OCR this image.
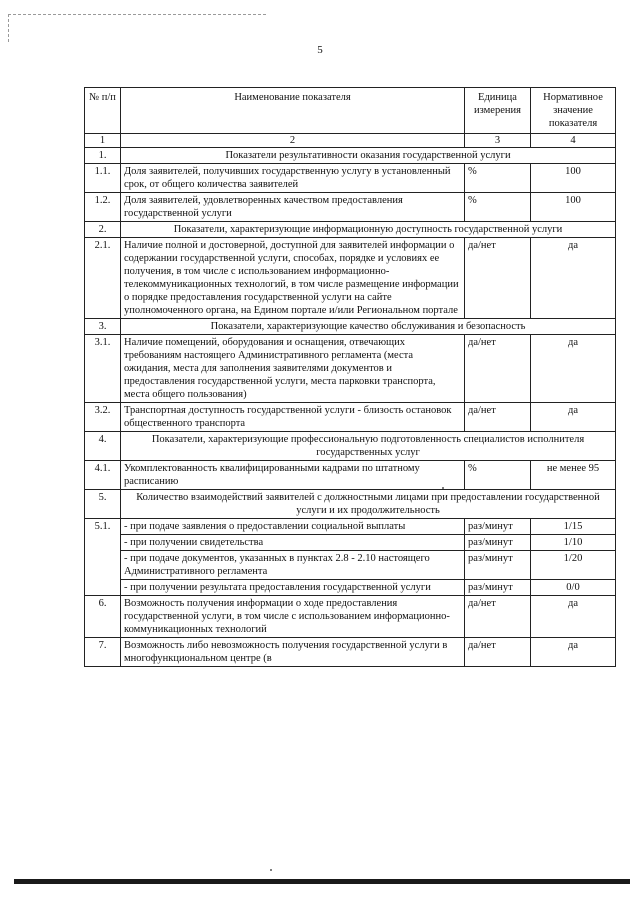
5
№ п/п	Наименование показателя	Единица измерения	Нормативное значение показателя
1	2	3	4
1.	Показатели результативности оказания государственной услуги		
1.1.	Доля заявителей, получивших государственную услугу в установленный срок, от общего количества заявителей	%	100
1.2.	Доля заявителей, удовлетворенных качеством предоставления государственной услуги	%	100
2.	Показатели, характеризующие информационную доступность государственной услуги		
2.1.	Наличие полной и достоверной, доступной для заявителей информации о содержании государственной услуги, способах, порядке и условиях ее получения, в том числе с использованием информационно-телекоммуникационных технологий, в том числе размещение информации о порядке предоставления государственной услуги на сайте уполномоченного органа, на Едином портале и/или Региональном портале	да/нет	да
3.	Показатели, характеризующие качество обслуживания и безопасность		
3.1.	Наличие помещений, оборудования и оснащения, отвечающих требованиям настоящего Административного регламента (места ожидания, места для заполнения заявителями документов и предоставления государственной услуги, места парковки транспорта, места общего пользования)	да/нет	да
3.2.	Транспортная доступность государственной услуги - близость остановок общественного транспорта	да/нет	да
4.	Показатели, характеризующие профессиональную подготовленность специалистов исполнителя государственных услуг		
4.1.	Укомплектованность квалифицированными кадрами по штатному расписанию	%	не менее 95
5.	Количество взаимодействий заявителей с должностными лицами при предоставлении государственной услуги и их продолжительность		
5.1.	- при подаче заявления о предоставлении социальной выплаты	раз/минут	1/15
	- при получении свидетельства	раз/минут	1/10
	- при подаче документов, указанных в пунктах 2.8 - 2.10 настоящего Административного регламента	раз/минут	1/20
	- при получении результата предоставления государственной услуги	раз/минут	0/0
6.	Возможность получения информации о ходе предоставления государственной услуги, в том числе с использованием информационно-коммуникационных технологий	да/нет	да
7.	Возможность либо невозможность получения государственной услуги в многофункциональном центре (в	да/нет	да
